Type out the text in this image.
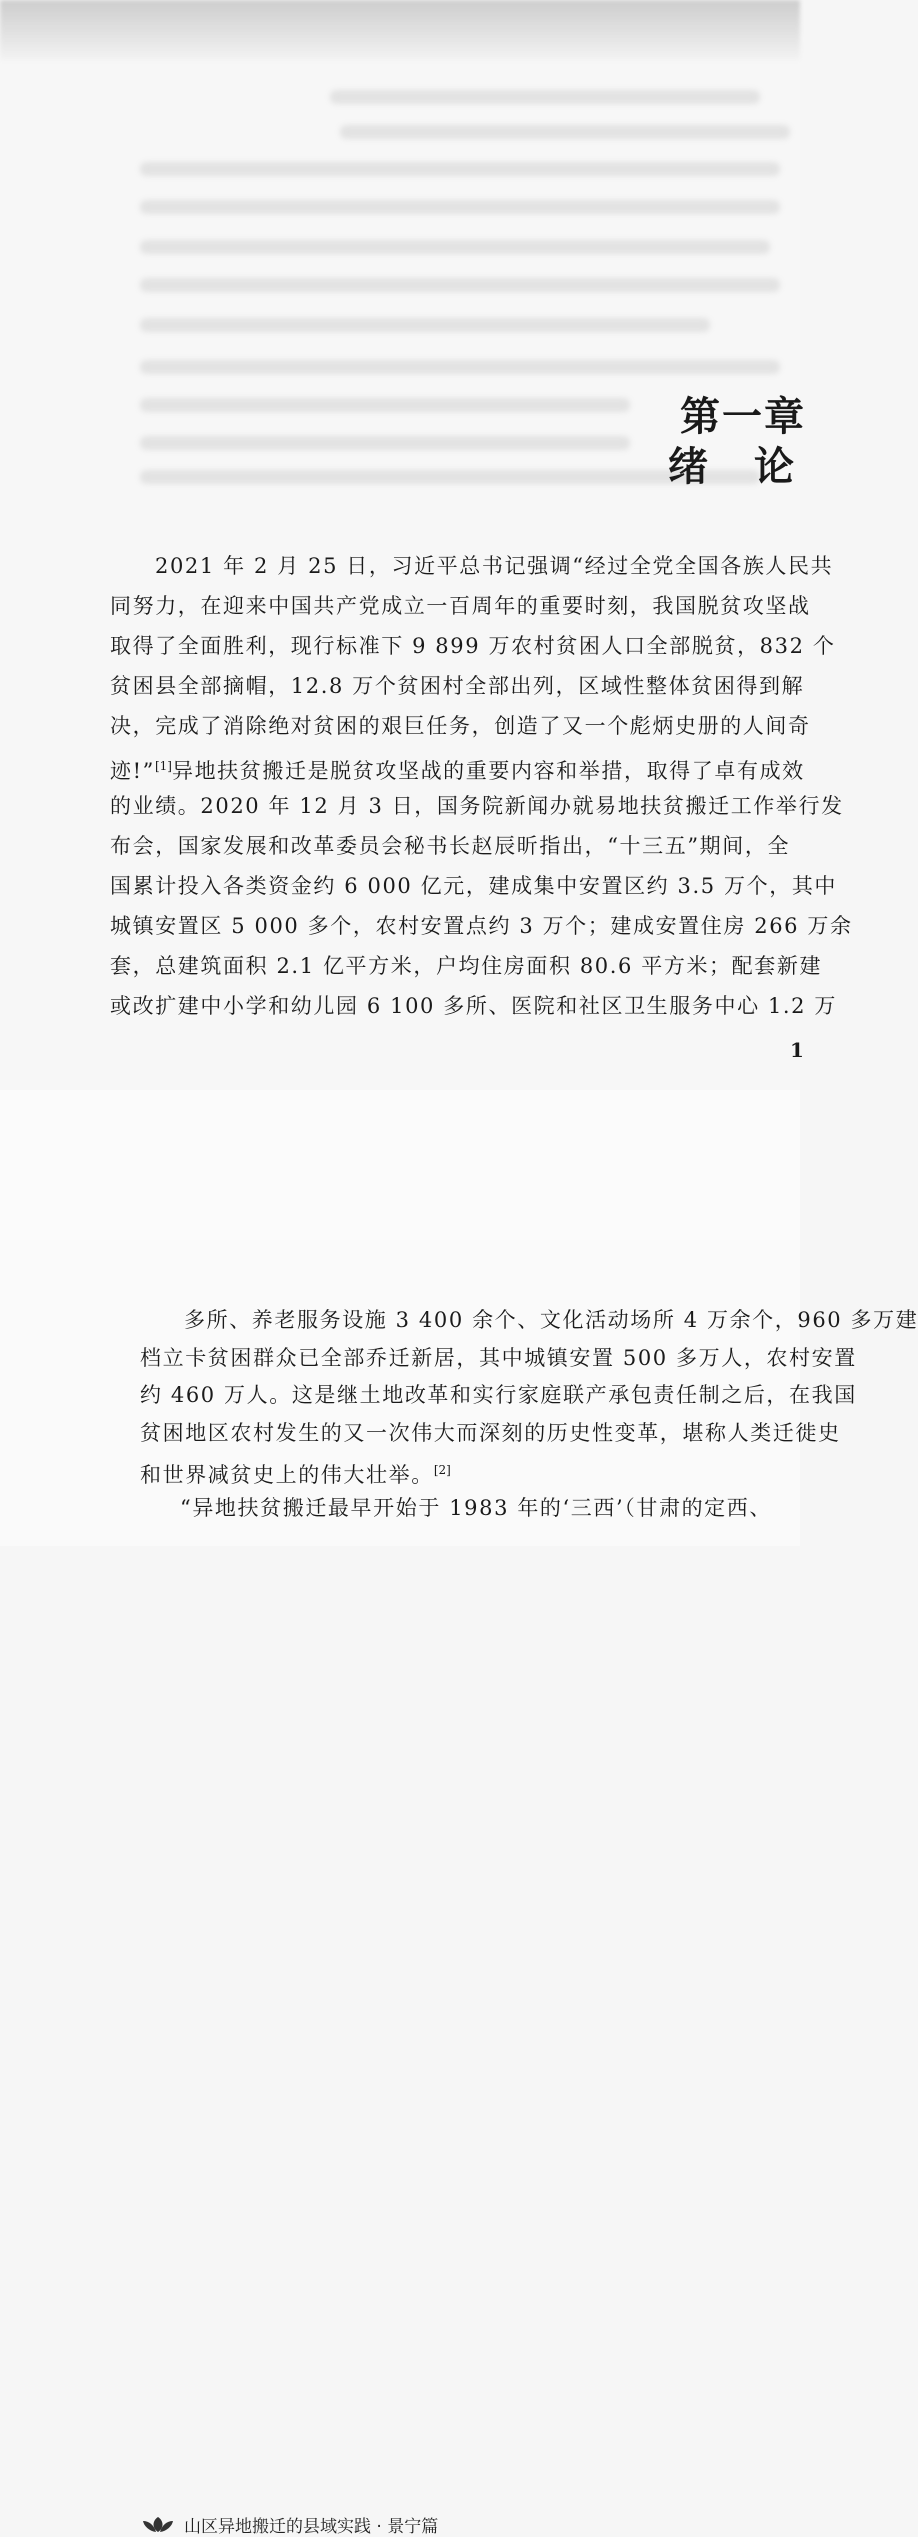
第一章
绪论
2021 年 2 月 25 日，习近平总书记强调“经过全党全国各族人民共
同努力，在迎来中国共产党成立一百周年的重要时刻，我国脱贫攻坚战
取得了全面胜利，现行标准下 9 899 万农村贫困人口全部脱贫，832 个
贫困县全部摘帽，12.8 万个贫困村全部出列，区域性整体贫困得到解
决，完成了消除绝对贫困的艰巨任务，创造了又一个彪炳史册的人间奇
迹!”[1]异地扶贫搬迁是脱贫攻坚战的重要内容和举措，取得了卓有成效
的业绩。2020 年 12 月 3 日，国务院新闻办就易地扶贫搬迁工作举行发
布会，国家发展和改革委员会秘书长赵辰昕指出，“十三五”期间，全
国累计投入各类资金约 6 000 亿元，建成集中安置区约 3.5 万个，其中
城镇安置区 5 000 多个，农村安置点约 3 万个；建成安置住房 266 万余
套，总建筑面积 2.1 亿平方米，户均住房面积 80.6 平方米；配套新建
或改扩建中小学和幼儿园 6 100 多所、医院和社区卫生服务中心 1.2 万
1
山区异地搬迁的县域实践 · 景宁篇
多所、养老服务设施 3 400 余个、文化活动场所 4 万余个，960 多万建
档立卡贫困群众已全部乔迁新居，其中城镇安置 500 多万人，农村安置
约 460 万人。这是继土地改革和实行家庭联产承包责任制之后，在我国
贫困地区农村发生的又一次伟大而深刻的历史性变革，堪称人类迁徙史
和世界减贫史上的伟大壮举。[2]
“异地扶贫搬迁最早开始于 1983 年的‘三西’（甘肃的定西、
